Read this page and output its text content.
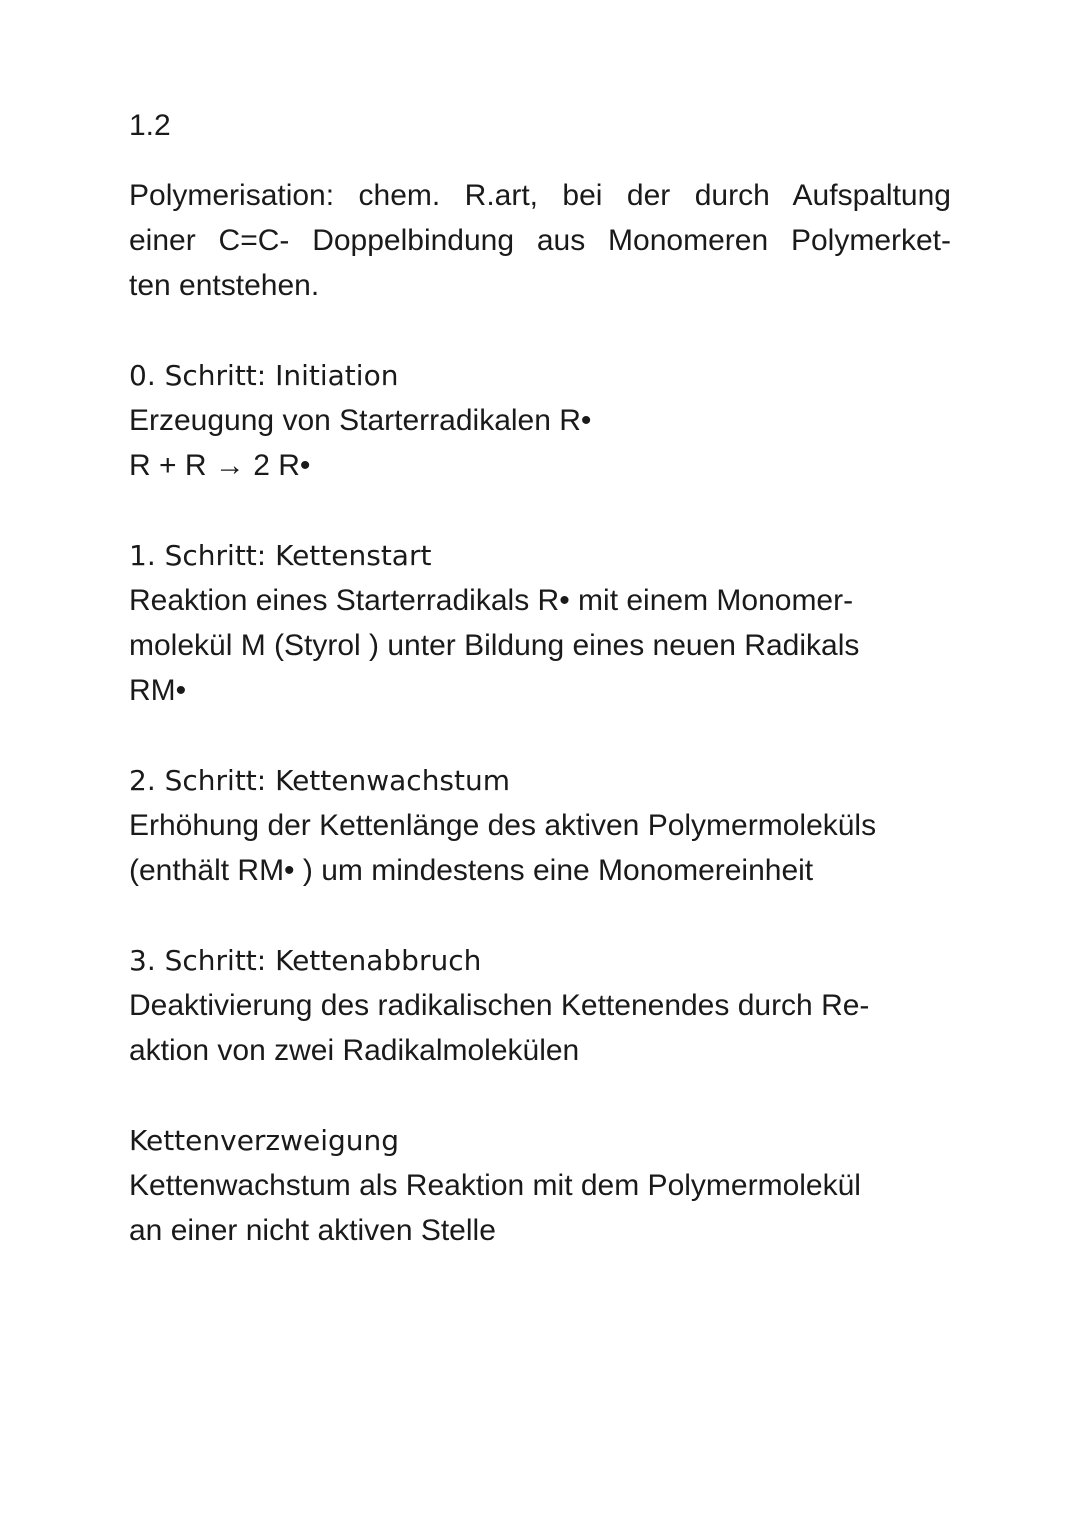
1.2
Polymerisation: chem. R.art, bei der durch Aufspaltung
einer C=C- Doppelbindung aus Monomeren Polymerket-
ten entstehen.
0. Schritt: Initiation
Erzeugung von Starterradikalen R•
R + R → 2 R•
1. Schritt: Kettenstart
Reaktion eines Starterradikals R• mit einem Monomer-
molekül M (Styrol ) unter Bildung eines neuen Radikals
RM•
2. Schritt: Kettenwachstum
Erhöhung der Kettenlänge des aktiven Polymermoleküls
(enthält RM• ) um mindestens eine Monomereinheit
3. Schritt: Kettenabbruch
Deaktivierung des radikalischen Kettenendes durch Re-
aktion von zwei Radikalmolekülen
Kettenverzweigung
Kettenwachstum als Reaktion mit dem Polymermolekül
an einer nicht aktiven Stelle
